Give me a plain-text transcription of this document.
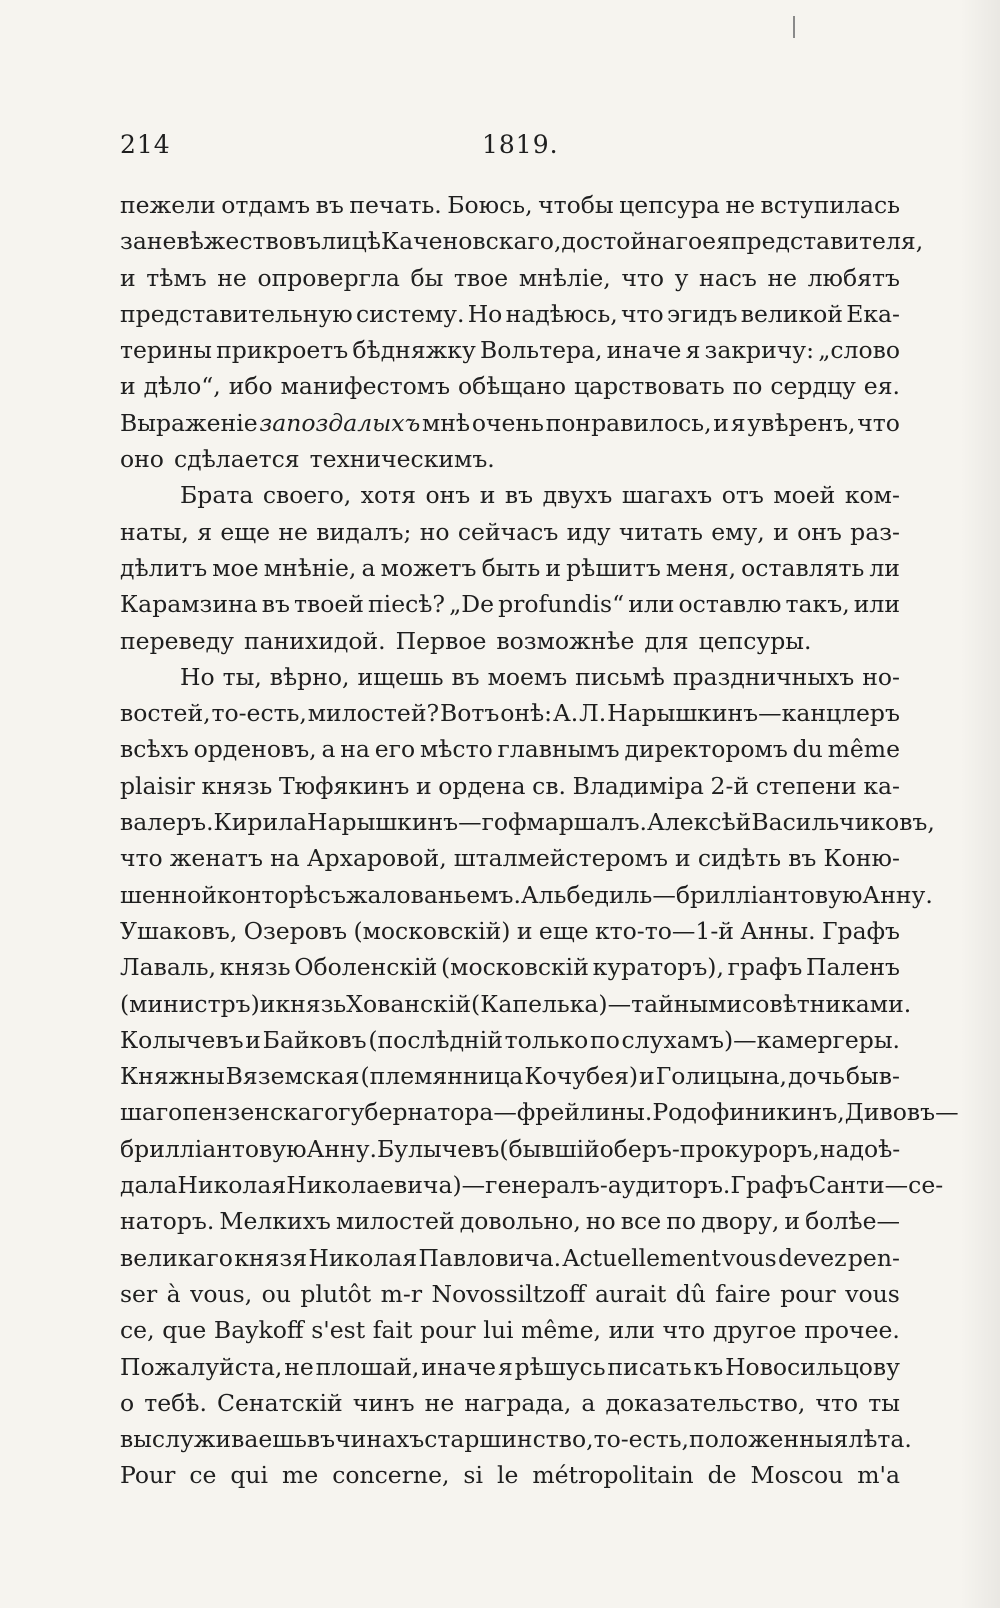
214	1819.
пежели отдамъ въ печать. Боюсь, чтобы цепсура не вступилась
за невѣжество въ лицѣ Каченовскаго, достойнаго ея представителя,
и тѣмъ не опровергла бы твое мнѣліе, что у насъ не любятъ
представительную систему. Но надѣюсь, что эгидъ великой Ека-
терины прикроетъ бѣдняжку Вольтера, иначе я закричу: „слово
и дѣло“, ибо манифестомъ обѣщано царствовать по сердцу ея.
Выраженіе запоздалыхъ мнѣ очень понравилось, и я увѣренъ, что
оно сдѣлается техническимъ.
Брата своего, хотя онъ и въ двухъ шагахъ отъ моей ком-
наты, я еще не видалъ; но сейчасъ иду читать ему, и онъ раз-
дѣлитъ мое мнѣніе, а можетъ быть и рѣшитъ меня, оставлять ли
Карамзина въ твоей піесѣ? „De profundis“ или оставлю такъ, или
переведу панихидой. Первое возможнѣе для цепсуры.
Но ты, вѣрно, ищешь въ моемъ письмѣ праздничныхъ но-
востей, то-есть, милостей? Вотъ онѣ: А. Л. Нарышкинъ—канцлеръ
всѣхъ орденовъ, а на его мѣсто главнымъ директоромъ du même
plaisir князь Тюфякинъ и ордена св. Владиміра 2-й степени ка-
валеръ. Кирила Нарышкинъ—гофмаршалъ. Алексѣй Васильчиковъ,
что женатъ на Архаровой, шталмейстеромъ и сидѣть въ Коню-
шенной конторѣ съ жалованьемъ. Альбедиль—бриллiантовую Анну.
Ушаковъ, Озеровъ (московскій) и еще кто-то—1-й Анны. Графъ
Лаваль, князь Оболенскій (московскій кураторъ), графъ Паленъ
(министръ) и князь Хованскій (Капелька)—тайными совѣтниками.
Колычевъ и Байковъ (послѣдній только по слухамъ)—камергеры.
Княжны Вяземская (племянница Кочубея) и Голицына, дочь быв-
шаго пензенскаго губернатора—фрейлины. Родофиникинъ, Дивовъ—
бриллiантовую Анну. Булычевъ (бывшій оберъ-прокуроръ, надоѣ-
дала Николая Николаевича)—генералъ-аудиторъ. Графъ Санти—се-
наторъ. Мелкихъ милостей довольно, но все по двору, и болѣе—
великаго князя Николая Павловича. Actuellement vous devez pen-
ser à vous, ou plutôt m-r Novossiltzoff aurait dû faire pour vous
ce, que Baykoff s'est fait pour lui même, или что другое прочее.
Пожалуйста, не плошай, иначе я рѣшусь писать къ Новосильцову
о тебѣ. Сенатскій чинъ не награда, а доказательство, что ты
выслуживаешь въ чинахъ старшинство, то-есть, положенныя лѣта.
Pour ce qui me concerne, si le métropolitain de Moscou m'a
